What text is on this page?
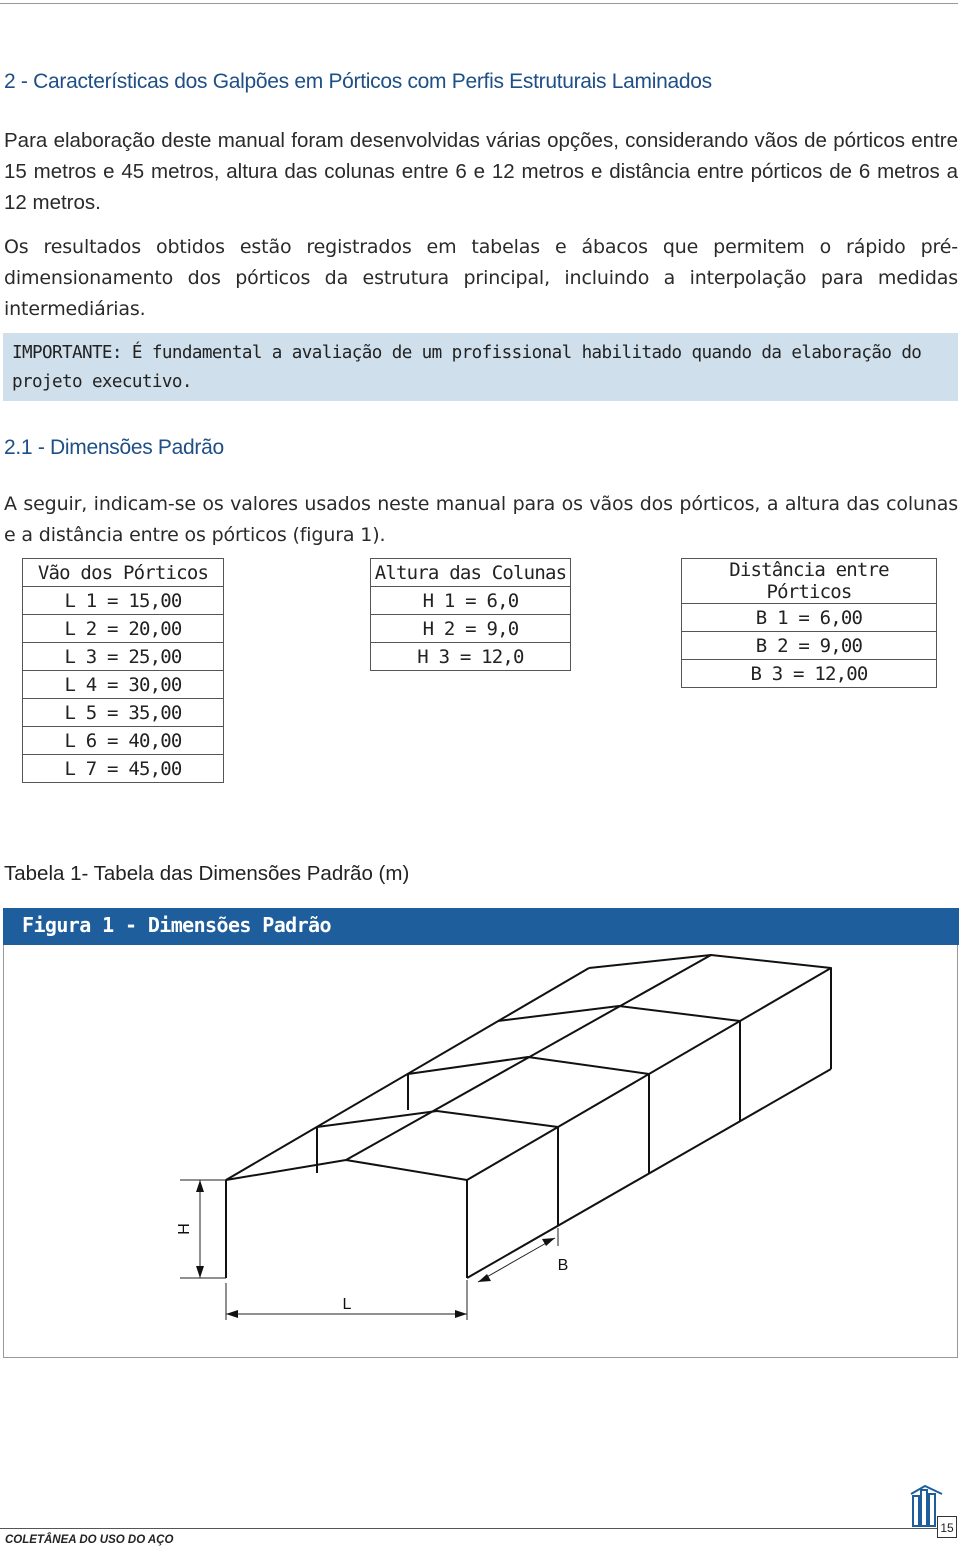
2 - Características dos Galpões em Pórticos com Perfis Estruturais Laminados

Para elaboração deste manual foram desenvolvidas várias opções, considerando vãos de pórticos entre 15 metros e 45 metros, altura das colunas entre 6 e 12 metros e distância entre pórticos de 6 metros a 12 metros.

Os resultados obtidos estão registrados em tabelas e ábacos que permitem o rápido pré-dimensionamento dos pórticos da estrutura principal, incluindo a interpolação para medidas intermediárias.

IMPORTANTE: É fundamental a avaliação de um profissional habilitado quando da elaboração do projeto executivo.

2.1 - Dimensões Padrão

A seguir, indicam-se os valores usados neste manual para os vãos dos pórticos, a altura das colunas e a distância entre os pórticos (figura 1).

Vão dos Pórticos
L 1 = 15,00
L 2 = 20,00
L 3 = 25,00
L 4 = 30,00
L 5 = 35,00
L 6 = 40,00
L 7 = 45,00
Altura das Colunas
H 1 = 6,0
H 2 = 9,0
H 3 = 12,0
Distância entre Pórticos
B 1 = 6,00
B 2 = 9,00
B 3 = 12,00
Tabela 1- Tabela das Dimensões Padrão (m)
Figura 1 - Dimensões Padrão
H
L
B
COLETÂNEA DO USO DO AÇO
15
